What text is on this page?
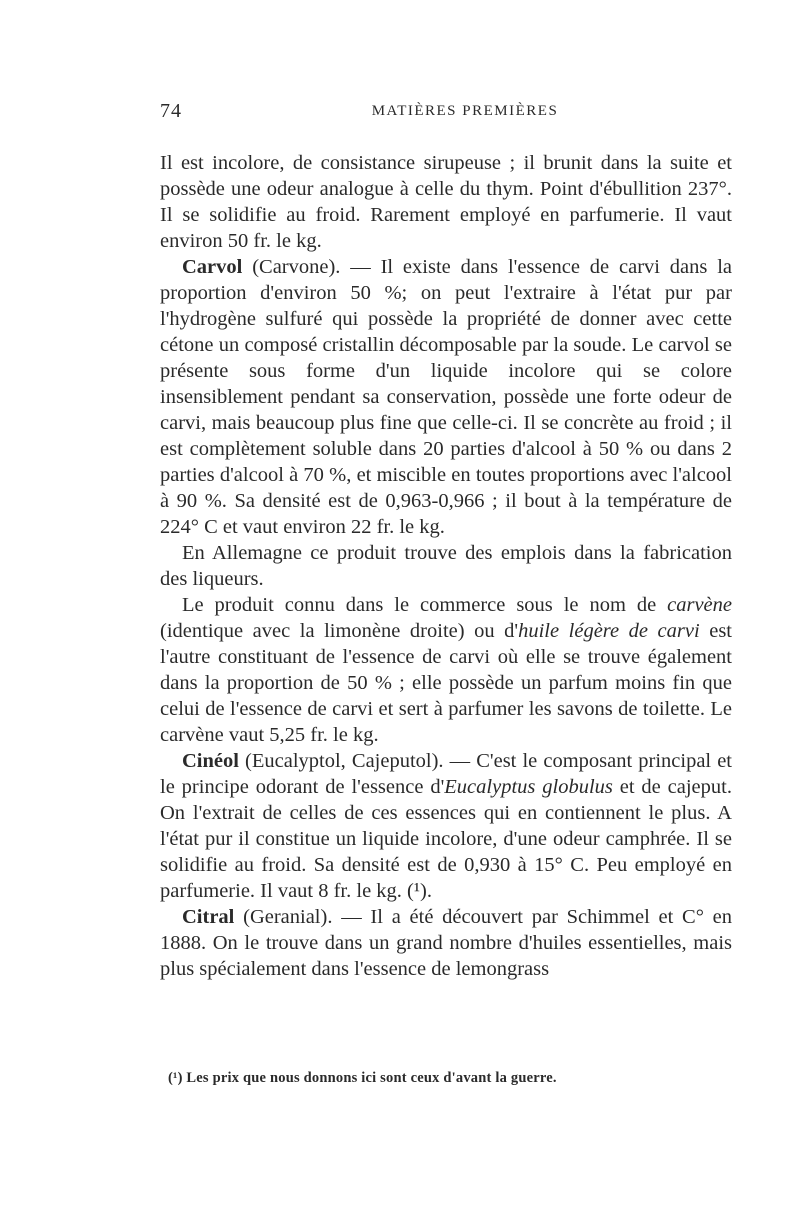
74	MATIÈRES PREMIÈRES

Il est incolore, de consistance sirupeuse ; il brunit dans la suite et possède une odeur analogue à celle du thym. Point d'ébullition 237°. Il se solidifie au froid. Rarement employé en parfumerie. Il vaut environ 50 fr. le kg.

Carvol (Carvone). — Il existe dans l'essence de carvi dans la proportion d'environ 50 %; on peut l'extraire à l'état pur par l'hydrogène sulfuré qui possède la propriété de donner avec cette cétone un composé cristallin décomposable par la soude. Le carvol se présente sous forme d'un liquide incolore qui se colore insensiblement pendant sa conservation, possède une forte odeur de carvi, mais beaucoup plus fine que celle-ci. Il se concrète au froid ; il est complètement soluble dans 20 parties d'alcool à 50 % ou dans 2 parties d'alcool à 70 %, et miscible en toutes proportions avec l'alcool à 90 %. Sa densité est de 0,963-0,966 ; il bout à la température de 224° C et vaut environ 22 fr. le kg.

En Allemagne ce produit trouve des emplois dans la fabrication des liqueurs.

Le produit connu dans le commerce sous le nom de carvène (identique avec la limonène droite) ou d'huile légère de carvi est l'autre constituant de l'essence de carvi où elle se trouve également dans la proportion de 50 % ; elle possède un parfum moins fin que celui de l'essence de carvi et sert à parfumer les savons de toilette. Le carvène vaut 5,25 fr. le kg.

Cinéol (Eucalyptol, Cajeputol). — C'est le composant principal et le principe odorant de l'essence d'Eucalyptus globulus et de cajeput. On l'extrait de celles de ces essences qui en contiennent le plus. A l'état pur il constitue un liquide incolore, d'une odeur camphrée. Il se solidifie au froid. Sa densité est de 0,930 à 15° C. Peu employé en parfumerie. Il vaut 8 fr. le kg. (¹).

Citral (Geranial). — Il a été découvert par Schimmel et C° en 1888. On le trouve dans un grand nombre d'huiles essentielles, mais plus spécialement dans l'essence de lemongrass

(¹) Les prix que nous donnons ici sont ceux d'avant la guerre.
